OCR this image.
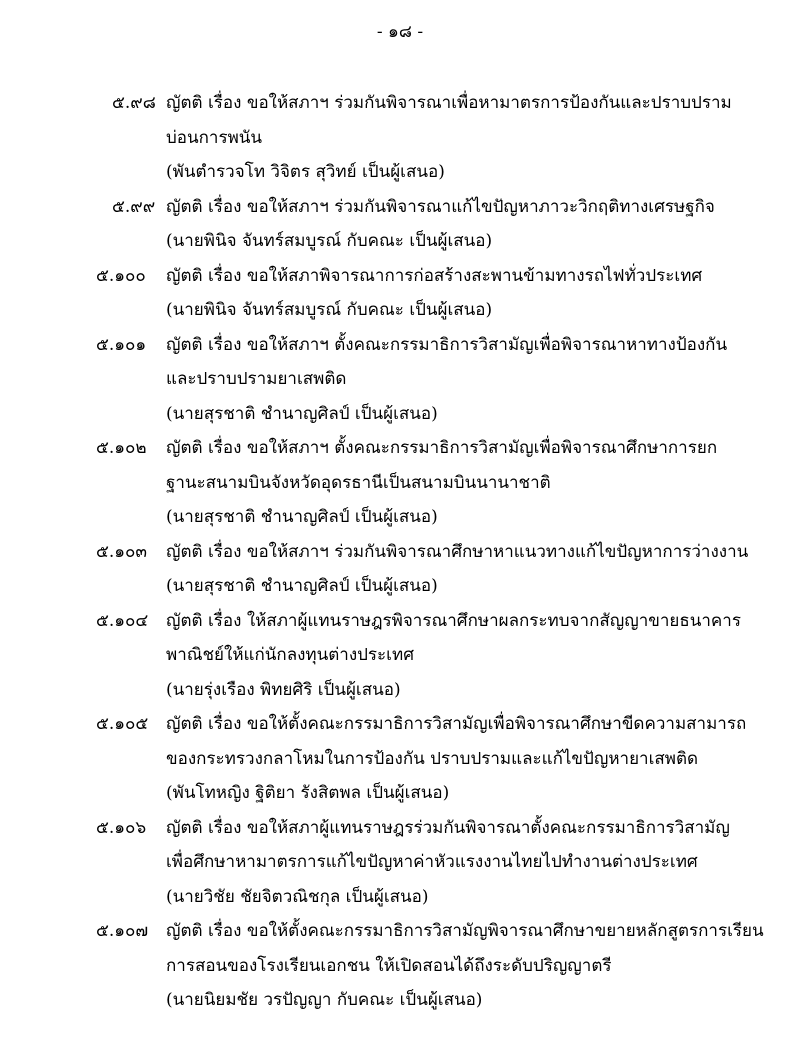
- ๑๘ -
๕.๙๘ ญัตติ เรื่อง ขอให้สภาฯ ร่วมกันพิจารณาเพื่อหามาตรการป้องกันและปราบปราม
บ่อนการพนัน
(พันตำรวจโท วิจิตร สุวิทย์ เป็นผู้เสนอ)
๕.๙๙ ญัตติ เรื่อง ขอให้สภาฯ ร่วมกันพิจารณาแก้ไขปัญหาภาวะวิกฤติทางเศรษฐกิจ
(นายพินิจ จันทร์สมบูรณ์ กับคณะ เป็นผู้เสนอ)
๕.๑๐๐	ญัตติ เรื่อง ขอให้สภาพิจารณาการก่อสร้างสะพานข้ามทางรถไฟทั่วประเทศ
(นายพินิจ จันทร์สมบูรณ์ กับคณะ เป็นผู้เสนอ)
๕.๑๐๑	ญัตติ เรื่อง ขอให้สภาฯ ตั้งคณะกรรมาธิการวิสามัญเพื่อพิจารณาหาทางป้องกัน
และปราบปรามยาเสพติด
(นายสุรชาติ ชำนาญศิลป์ เป็นผู้เสนอ)
๕.๑๐๒	ญัตติ เรื่อง ขอให้สภาฯ ตั้งคณะกรรมาธิการวิสามัญเพื่อพิจารณาศึกษาการยก
ฐานะสนามบินจังหวัดอุดรธานีเป็นสนามบินนานาชาติ
(นายสุรชาติ ชำนาญศิลป์ เป็นผู้เสนอ)
๕.๑๐๓	ญัตติ เรื่อง ขอให้สภาฯ ร่วมกันพิจารณาศึกษาหาแนวทางแก้ไขปัญหาการว่างงาน
(นายสุรชาติ ชำนาญศิลป์ เป็นผู้เสนอ)
๕.๑๐๔	ญัตติ เรื่อง ให้สภาผู้แทนราษฎรพิจารณาศึกษาผลกระทบจากสัญญาขายธนาคาร
พาณิชย์ให้แก่นักลงทุนต่างประเทศ
(นายรุ่งเรือง พิทยศิริ เป็นผู้เสนอ)
๕.๑๐๕	ญัตติ เรื่อง ขอให้ตั้งคณะกรรมาธิการวิสามัญเพื่อพิจารณาศึกษาขีดความสามารถ
ของกระทรวงกลาโหมในการป้องกัน ปราบปรามและแก้ไขปัญหายาเสพติด
(พันโทหญิง ฐิติยา รังสิตพล เป็นผู้เสนอ)
๕.๑๐๖	ญัตติ เรื่อง ขอให้สภาผู้แทนราษฎรร่วมกันพิจารณาตั้งคณะกรรมาธิการวิสามัญ
เพื่อศึกษาหามาตรการแก้ไขปัญหาค่าหัวแรงงานไทยไปทำงานต่างประเทศ
(นายวิชัย ชัยจิตวณิชกุล เป็นผู้เสนอ)
๕.๑๐๗	ญัตติ เรื่อง ขอให้ตั้งคณะกรรมาธิการวิสามัญพิจารณาศึกษาขยายหลักสูตรการเรียน
การสอนของโรงเรียนเอกชน ให้เปิดสอนได้ถึงระดับปริญญาตรี
(นายนิยมชัย วรปัญญา กับคณะ เป็นผู้เสนอ)
